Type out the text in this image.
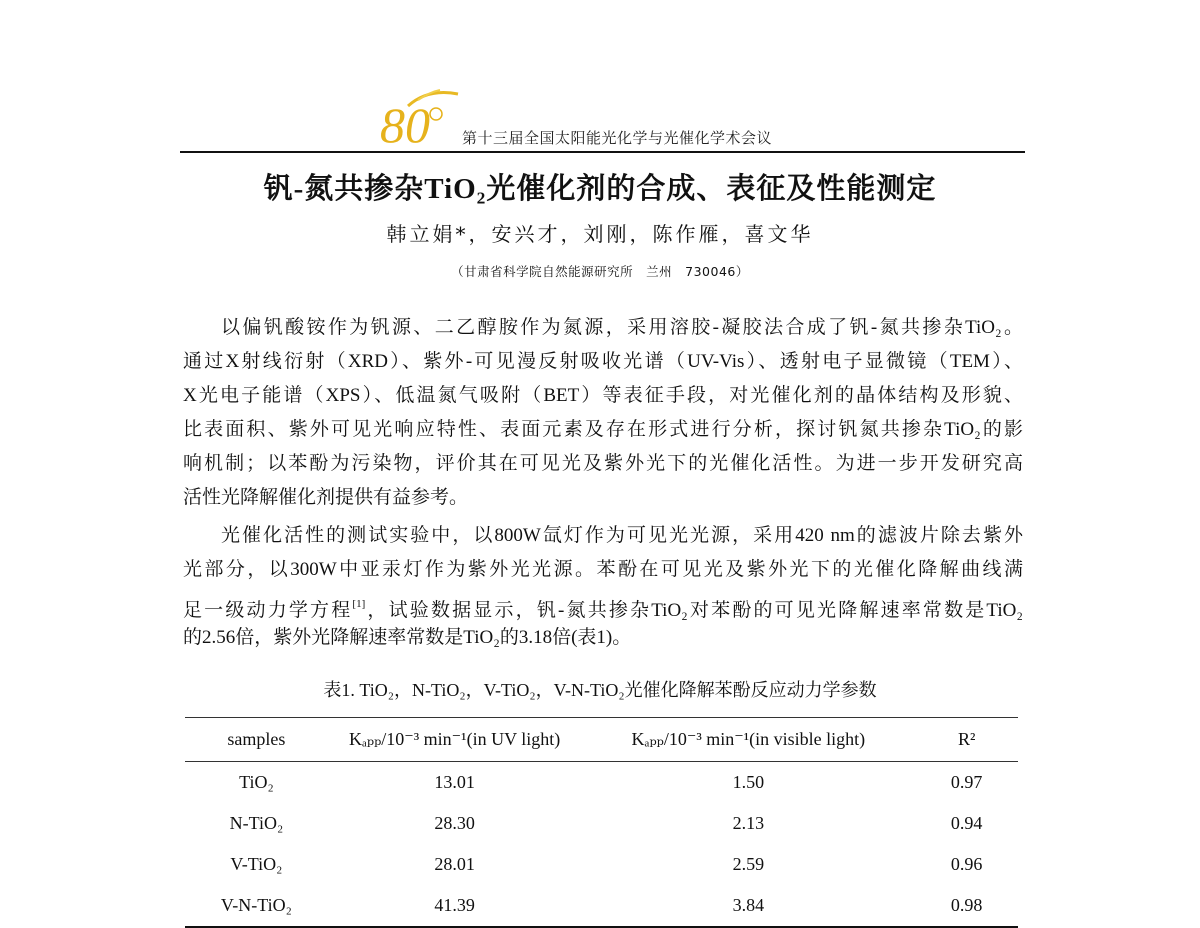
80 第十三届全国太阳能光化学与光催化学术会议
钒-氮共掺杂TiO₂光催化剂的合成、表征及性能测定
韩立娟*，安兴才，刘刚，陈作雁，喜文华
（甘肃省科学院自然能源研究所　兰州　730046）
以偏钒酸铵作为钒源、二乙醇胺作为氮源，采用溶胶-凝胶法合成了钒-氮共掺杂TiO₂。
通过X射线衍射（XRD）、紫外-可见漫反射吸收光谱（UV-Vis）、透射电子显微镜（TEM）、
X光电子能谱（XPS）、低温氮气吸附（BET）等表征手段，对光催化剂的晶体结构及形貌、
比表面积、紫外可见光响应特性、表面元素及存在形式进行分析，探讨钒氮共掺杂TiO₂的影
响机制；以苯酚为污染物，评价其在可见光及紫外光下的光催化活性。为进一步开发研究高
活性光降解催化剂提供有益参考。
光催化活性的测试实验中，以800W氙灯作为可见光光源，采用420 nm的滤波片除去紫外
光部分，以300W中亚汞灯作为紫外光光源。苯酚在可见光及紫外光下的光催化降解曲线满
足一级动力学方程[1]，试验数据显示，钒-氮共掺杂TiO₂对苯酚的可见光降解速率常数是TiO₂
的2.56倍，紫外光降解速率常数是TiO₂的3.18倍(表1)。
表1. TiO₂，N-TiO₂，V-TiO₂，V-N-TiO₂光催化降解苯酚反应动力学参数
samples	Kₐₚₚ/10⁻³ min⁻¹(in UV light)	Kₐₚₚ/10⁻³ min⁻¹(in visible light)	R²
TiO₂	13.01	1.50	0.97
N-TiO₂	28.30	2.13	0.94
V-TiO₂	28.01	2.59	0.96
V-N-TiO₂	41.39	3.84	0.98
